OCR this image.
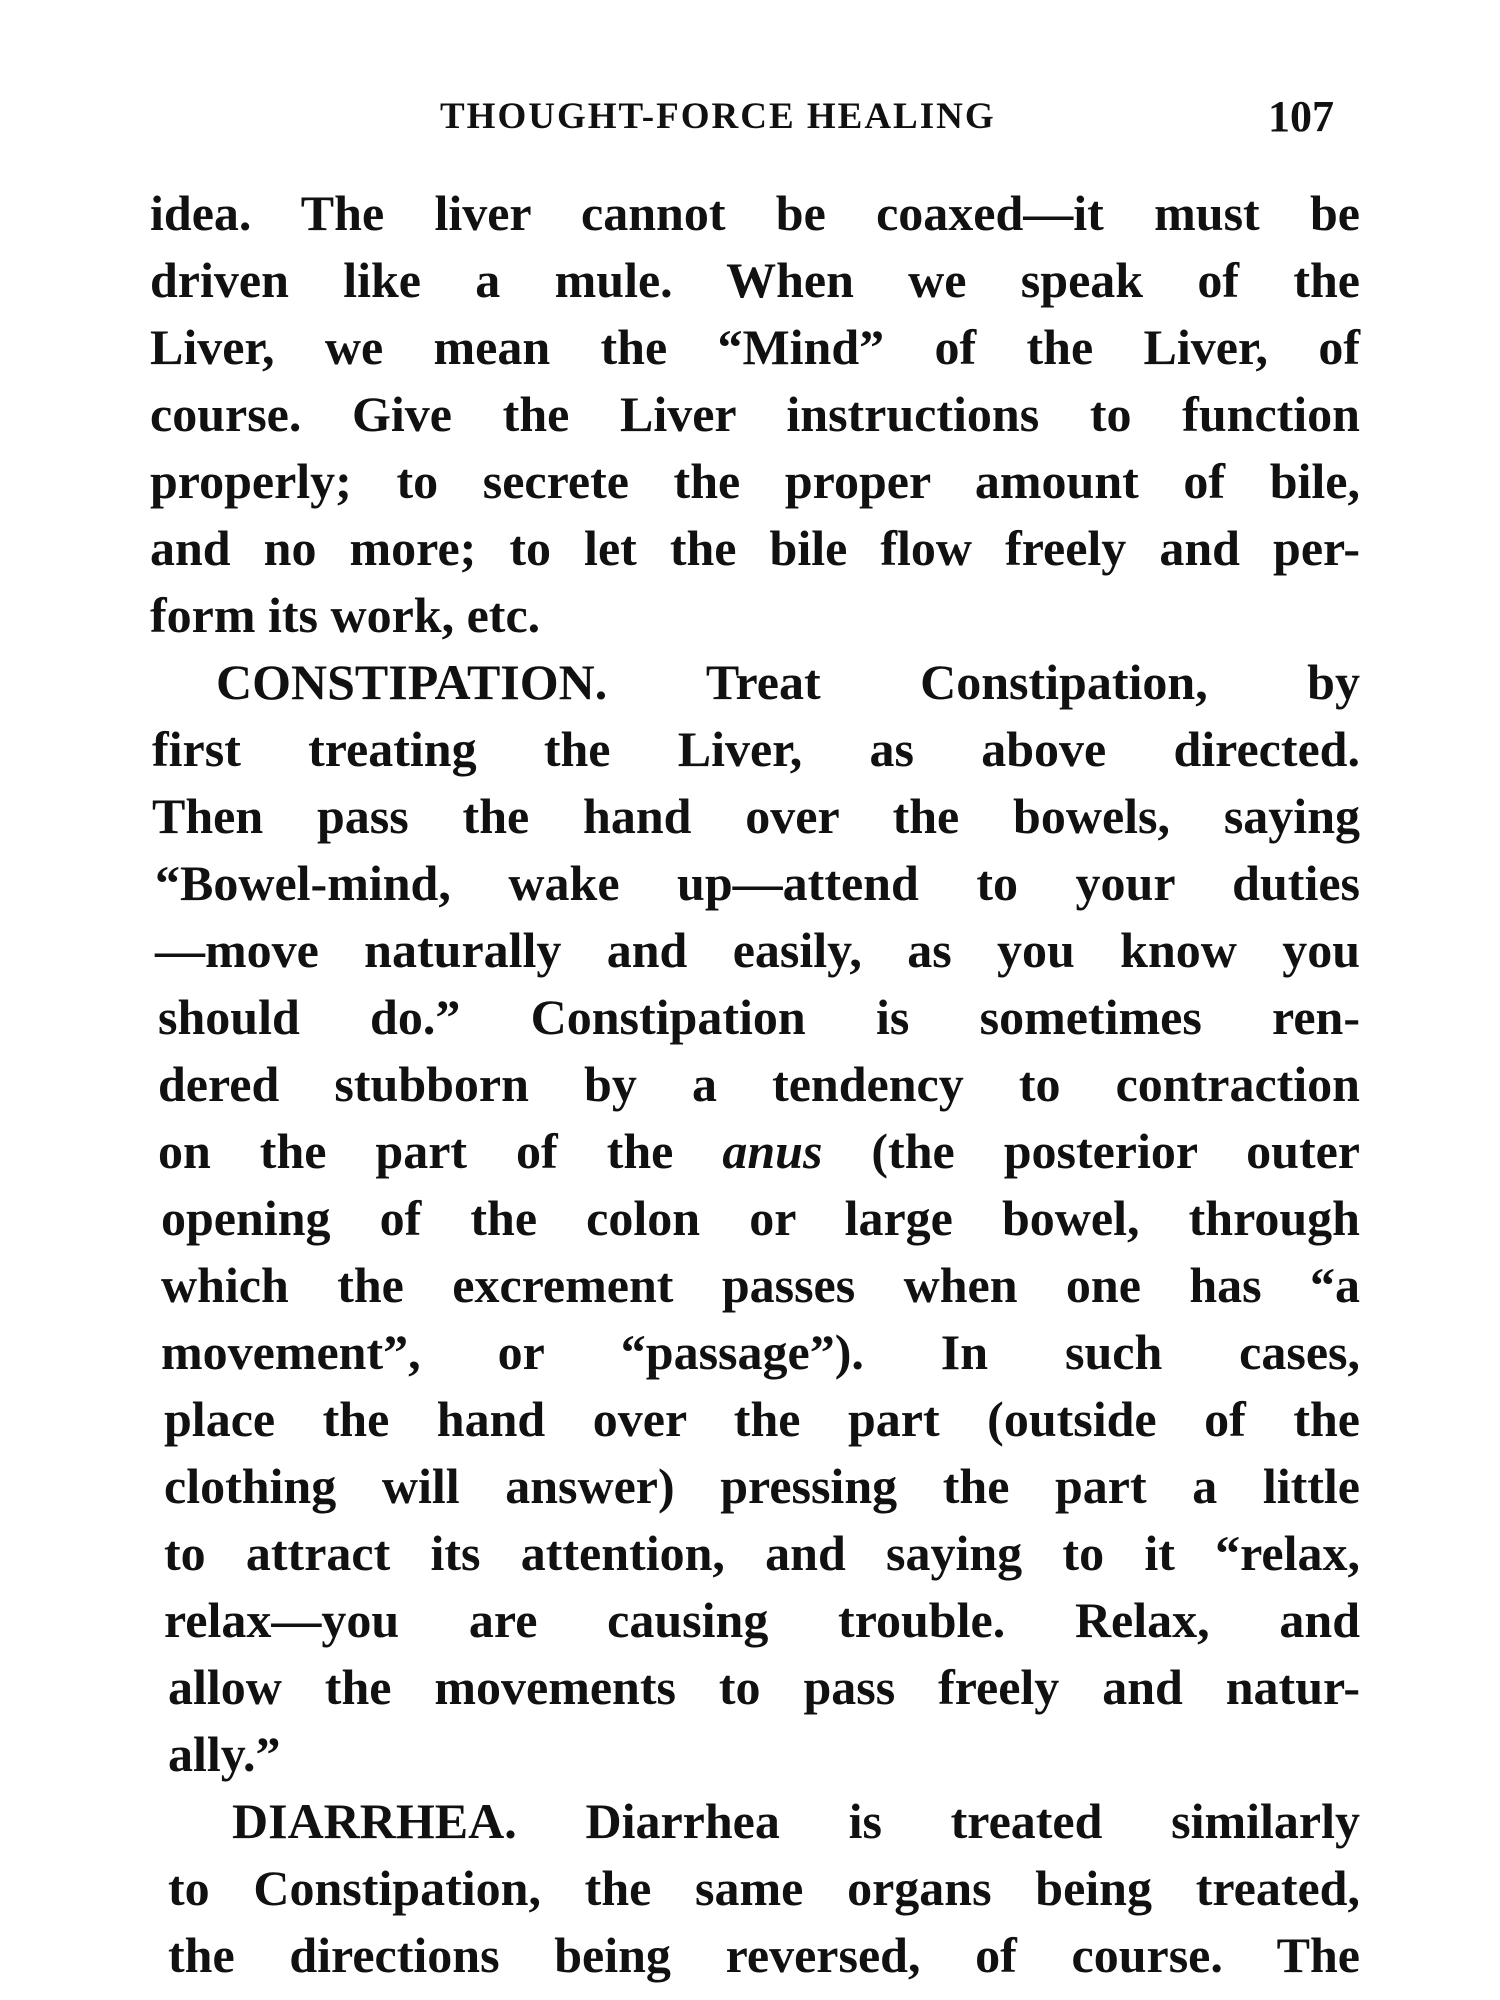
THOUGHT-FORCE HEALING	107
idea. The liver cannot be coaxed—it must be
driven like a mule. When we speak of the
Liver, we mean the “Mind” of the Liver, of
course. Give the Liver instructions to function
properly; to secrete the proper amount of bile,
and no more; to let the bile flow freely and per-
form its work, etc.
CONSTIPATION. Treat Constipation, by
first treating the Liver, as above directed.
Then pass the hand over the bowels, saying
“Bowel-mind, wake up—attend to your duties
—move naturally and easily, as you know you
should do.” Constipation is sometimes ren-
dered stubborn by a tendency to contraction
on the part of the anus (the posterior outer
opening of the colon or large bowel, through
which the excrement passes when one has “a
movement”, or “passage”). In such cases,
place the hand over the part (outside of the
clothing will answer) pressing the part a little
to attract its attention, and saying to it “relax,
relax—you are causing trouble. Relax, and
allow the movements to pass freely and natur-
ally.”
DIARRHEA. Diarrhea is treated similarly
to Constipation, the same organs being treated,
the directions being reversed, of course. The
